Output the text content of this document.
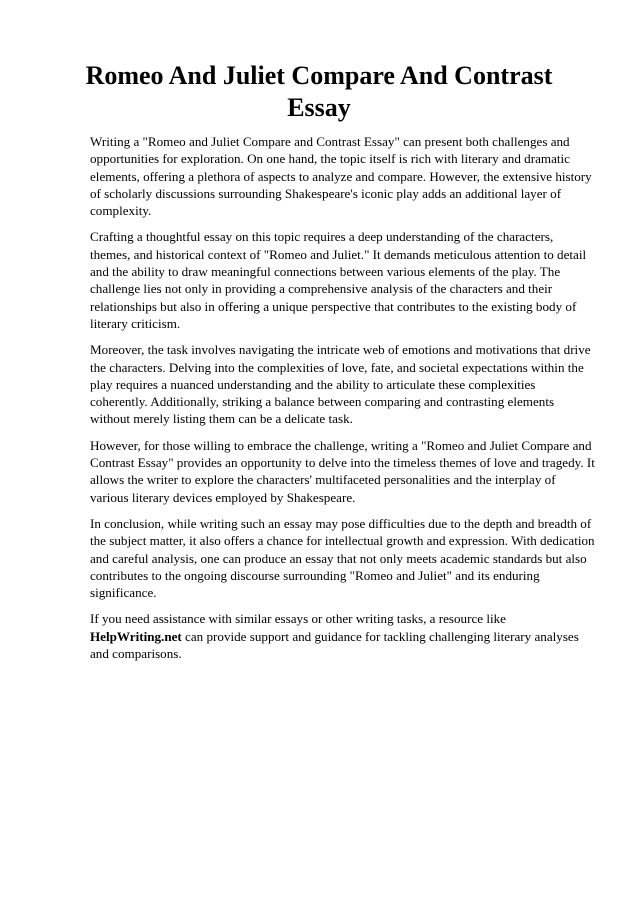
Romeo And Juliet Compare And Contrast Essay

Writing a "Romeo and Juliet Compare and Contrast Essay" can present both challenges and opportunities for exploration. On one hand, the topic itself is rich with literary and dramatic elements, offering a plethora of aspects to analyze and compare. However, the extensive history of scholarly discussions surrounding Shakespeare's iconic play adds an additional layer of complexity.

Crafting a thoughtful essay on this topic requires a deep understanding of the characters, themes, and historical context of "Romeo and Juliet." It demands meticulous attention to detail and the ability to draw meaningful connections between various elements of the play. The challenge lies not only in providing a comprehensive analysis of the characters and their relationships but also in offering a unique perspective that contributes to the existing body of literary criticism.

Moreover, the task involves navigating the intricate web of emotions and motivations that drive the characters. Delving into the complexities of love, fate, and societal expectations within the play requires a nuanced understanding and the ability to articulate these complexities coherently. Additionally, striking a balance between comparing and contrasting elements without merely listing them can be a delicate task.

However, for those willing to embrace the challenge, writing a "Romeo and Juliet Compare and Contrast Essay" provides an opportunity to delve into the timeless themes of love and tragedy. It allows the writer to explore the characters' multifaceted personalities and the interplay of various literary devices employed by Shakespeare.

In conclusion, while writing such an essay may pose difficulties due to the depth and breadth of the subject matter, it also offers a chance for intellectual growth and expression. With dedication and careful analysis, one can produce an essay that not only meets academic standards but also contributes to the ongoing discourse surrounding "Romeo and Juliet" and its enduring significance.

If you need assistance with similar essays or other writing tasks, a resource like HelpWriting.net can provide support and guidance for tackling challenging literary analyses and comparisons.
